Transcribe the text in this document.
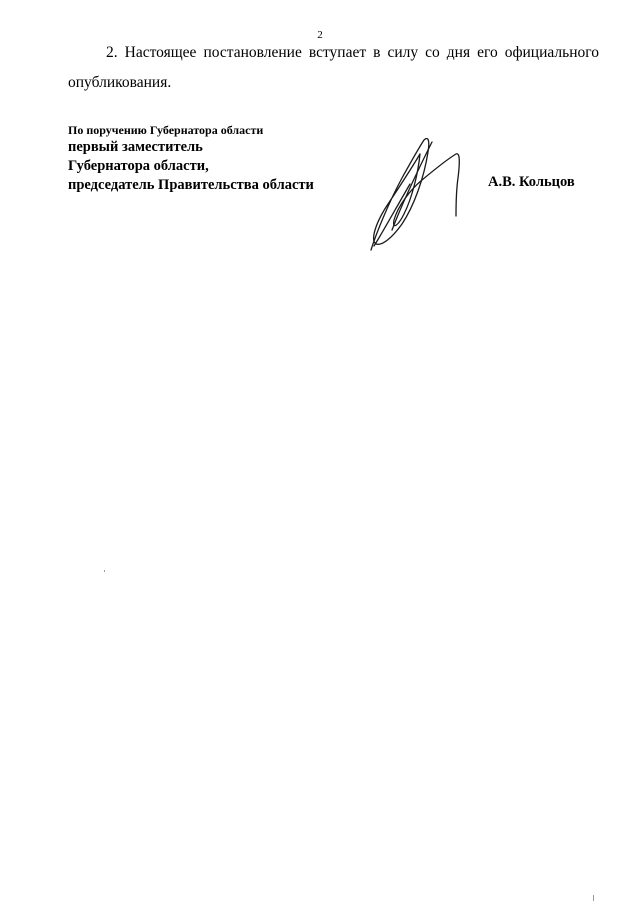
2

2. Настоящее постановление вступает в силу со дня его официального опубликования.

По поручению Губернатора области
первый заместитель
Губернатора области,
председатель Правительства области	А.В. Кольцов
